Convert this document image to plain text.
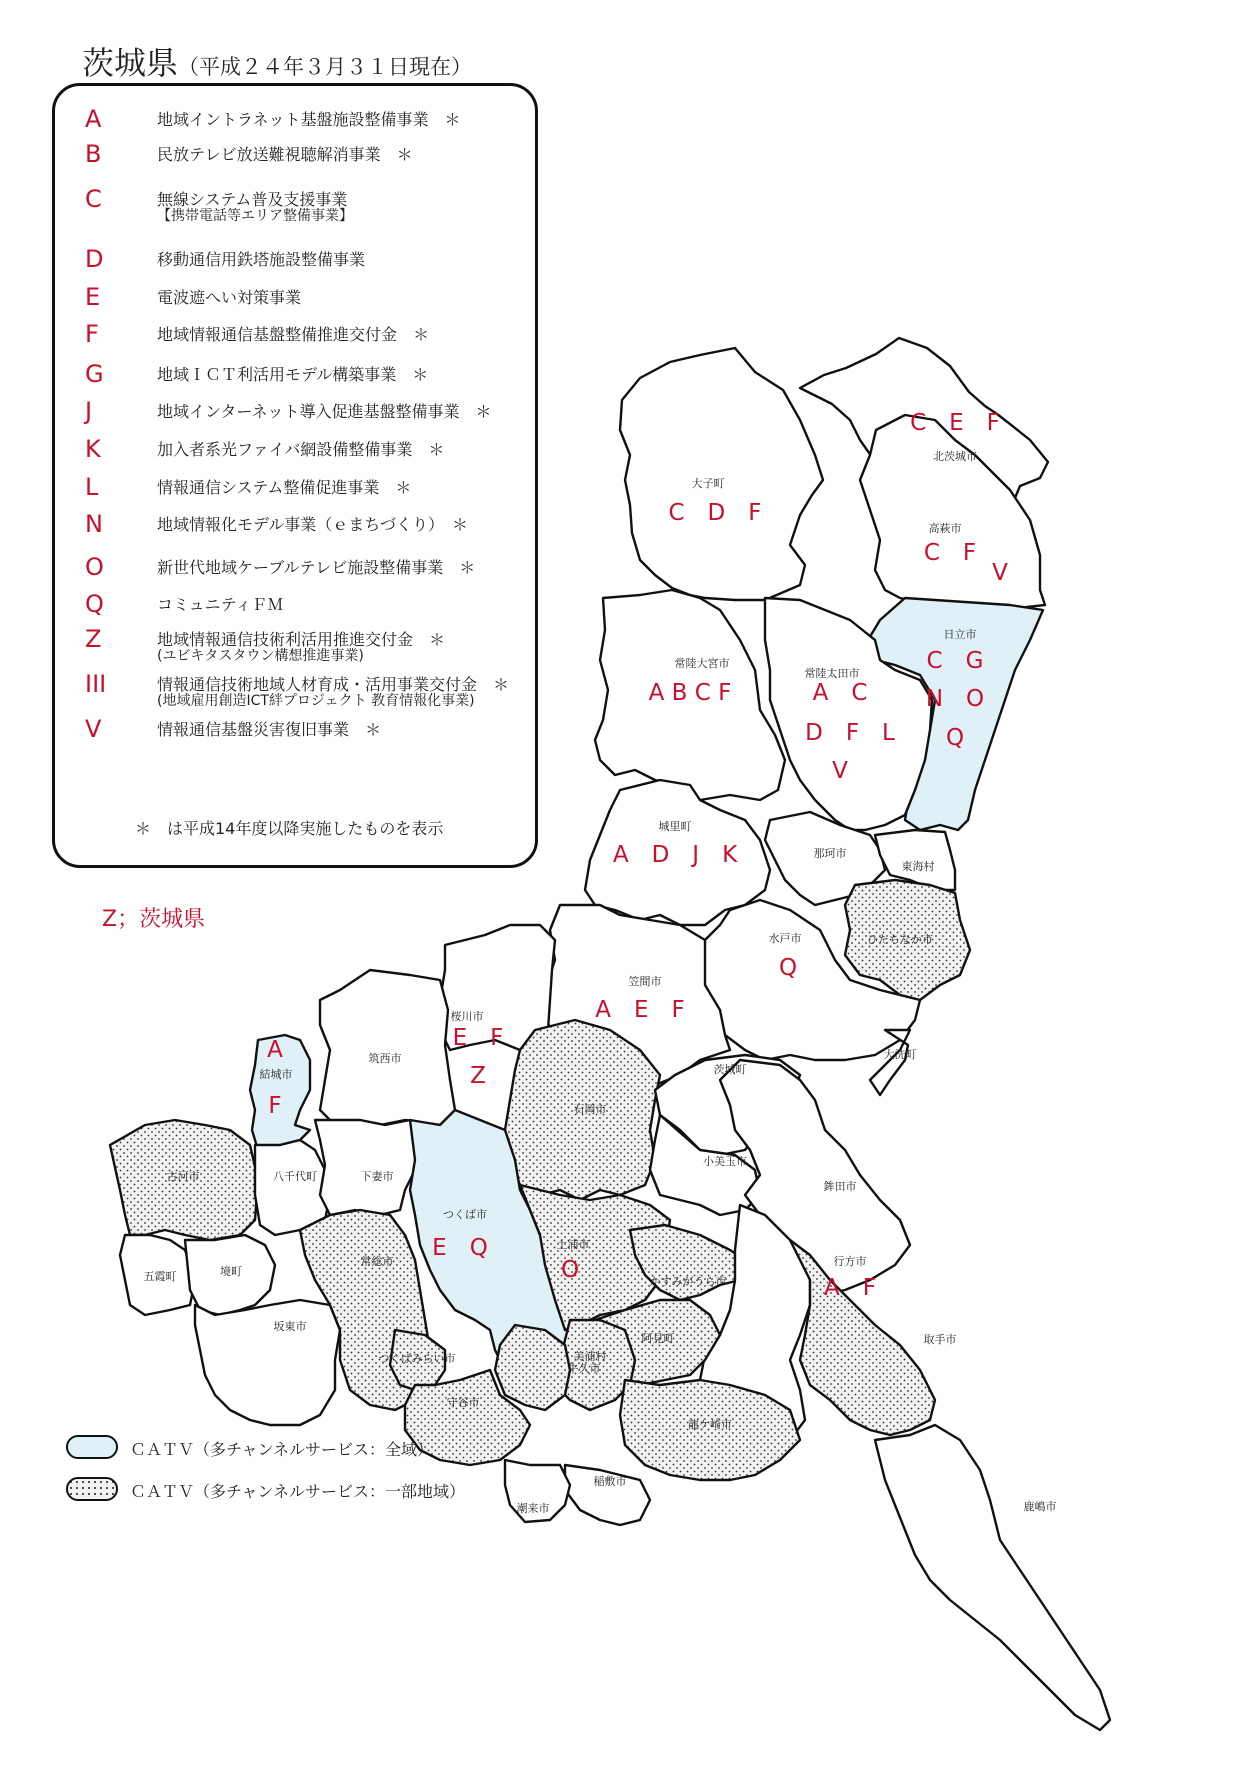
茨城県（平成２４年３月３１日現在）
A	地域イントラネット基盤施設整備事業　＊
B	民放テレビ放送難視聴解消事業　＊
C	無線システム普及支援事業
【携帯電話等エリア整備事業】
D	移動通信用鉄塔施設整備事業
E	電波遮へい対策事業
F	地域情報通信基盤整備推進交付金　＊
G	地域ＩＣＴ利活用モデル構築事業　＊
J	地域インターネット導入促進基盤整備事業　＊
K	加入者系光ファイバ網設備整備事業　＊
L	情報通信システム整備促進事業　＊
N	地域情報化モデル事業（ｅまちづくり）　＊
O	新世代地域ケーブルテレビ施設整備事業　＊
Q	コミュニティＦＭ
Z	地域情報通信技術利活用推進交付金　＊
(ユビキタスタウン構想推進事業)
III	情報通信技術地域人材育成・活用事業交付金　＊
(地域雇用創造ICT絆プロジェクト 教育情報化事業)
V	情報通信基盤災害復旧事業　＊
＊　は平成14年度以降実施したものを表示
Z；茨城県
北茨城市
C　E　F
大子町
C　D　F
高萩市
C　F
V
日立市
C　G
N　O
Q
常陸大宮市
A B C F
常陸太田市
A　C
D　F　L
V
城里町
A　D　J　K	那珂市
東海村
ひたちなか市
水戸市
Q
笠間市
A　E　F
桜川市
E　F
Z
筑西市
結城市
A
F	石岡市
茨城町
大洗町
小美玉市
古河市	八千代町	下妻市
つくば市
E　Q	土浦市
O
鉾田市
五霞町	境町
坂東市
常総市
かすみがうら市
行方市
A　F
阿見町
美浦村
つくばみらい市
牛久市
守谷市
龍ケ崎市
取手市
稲敷市
潮来市	鹿嶋市
ＣＡＴＶ（多チャンネルサービス：全域）
ＣＡＴＶ（多チャンネルサービス：一部地域）
